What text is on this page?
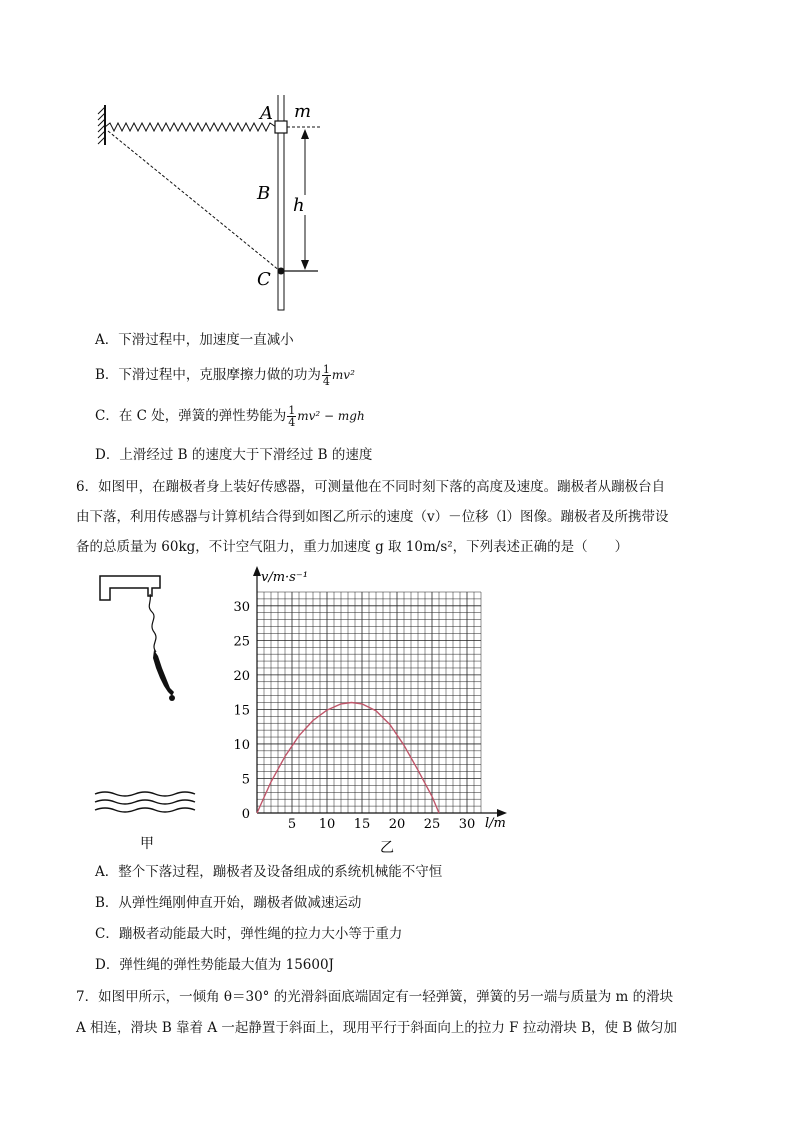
A m
B
h
C
A．下滑过程中，加速度一直减小
B．下滑过程中，克服摩擦力做的功为 $\frac{1}{4} mv^2$
C．在 C 处，弹簧的弹性势能为 $\frac{1}{4} mv^2$ − mgh
D．上滑经过 B 的速度大于下滑经过 B 的速度
6．如图甲，在蹦极者身上装好传感器，可测量他在不同时刻下落的高度及速度。蹦极者从蹦极台自
由下落，利用传感器与计算机结合得到如图乙所示的速度（v）－位移（l）图像。蹦极者及所携带设
备的总质量为 60kg，不计空气阻力，重力加速度 g 取 10m/s²，下列表述正确的是（　　）
甲
5 10 15 20 25 30
0
5
10
15
20
25
30
v/m·s⁻¹
l/m
乙
A．整个下落过程，蹦极者及设备组成的系统机械能不守恒
B．从弹性绳刚伸直开始，蹦极者做减速运动
C．蹦极者动能最大时，弹性绳的拉力大小等于重力
D．弹性绳的弹性势能最大值为 15600J
7．如图甲所示，一倾角 θ＝30° 的光滑斜面底端固定有一轻弹簧，弹簧的另一端与质量为 m 的滑块
A 相连，滑块 B 靠着 A 一起静置于斜面上，现用平行于斜面向上的拉力 F 拉动滑块 B，使 B 做匀加
